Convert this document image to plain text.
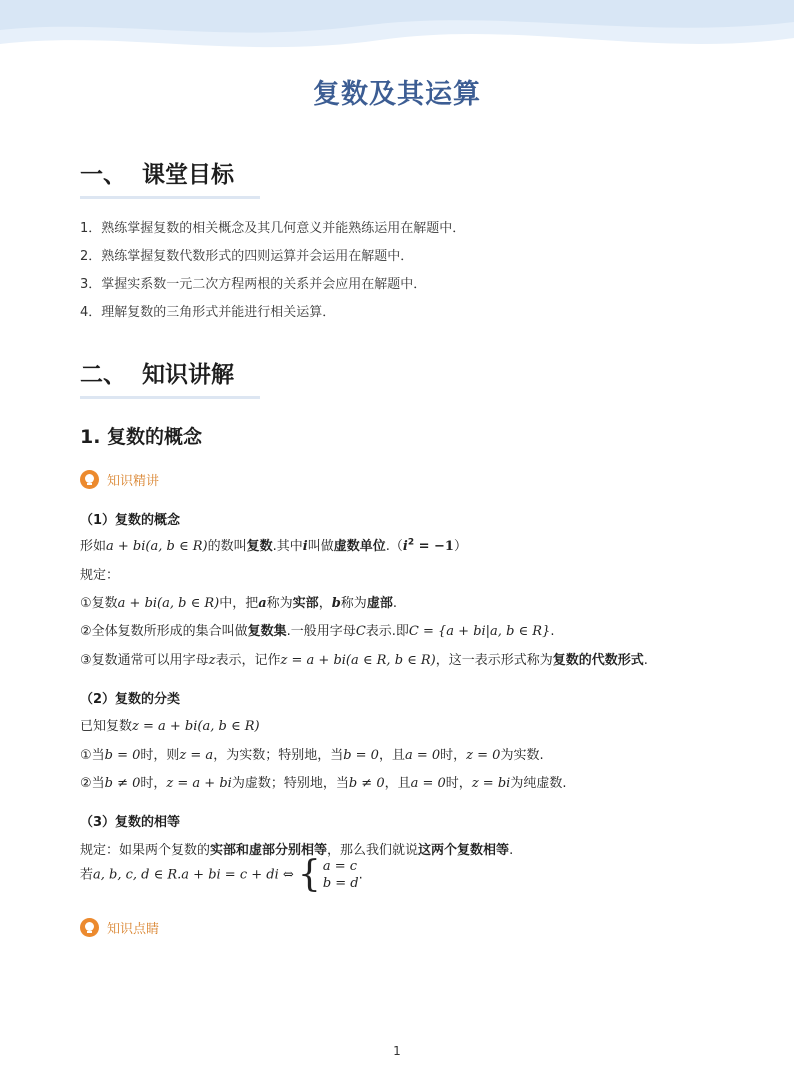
复数及其运算
一、 课堂目标
1．熟练掌握复数的相关概念及其几何意义并能熟练运用在解题中．
2．熟练掌握复数代数形式的四则运算并会运用在解题中．
3．掌握实系数一元二次方程两根的关系并会应用在解题中．
4．理解复数的三角形式并能进行相关运算．
二、 知识讲解
1. 复数的概念
知识精讲
（1）复数的概念
形如a + bi(a, b ∈ R)的数叫复数.其中i叫做虚数单位$.(i^2 = -1)$
规定：
①复数a + bi(a, b ∈ R)中，把a称为实部，b称为虚部.
②全体复数所形成的集合叫做复数集.一般用字母C表示.即C = {a + bi|a, b ∈ R}.
③复数通常可以用字母z表示，记作z = a + bi(a ∈ R, b ∈ R)，这一表示形式称为复数的代数形式.
（2）复数的分类
已知复数z = a + bi(a, b ∈ R)
①当b = 0时，则z = a，为实数；特别地，当b = 0，且a = 0时，z = 0为实数.
②当b ≠ 0时，z = a + bi为虚数；特别地，当b ≠ 0，且a = 0时，z = bi为纯虚数.
（3）复数的相等
规定：如果两个复数的实部和虚部分别相等，那么我们就说这两个复数相等.
若a, b, c, d ∈ R.a + bi = c + di ⇔ { a = c
b = d
.
知识点睛
1
